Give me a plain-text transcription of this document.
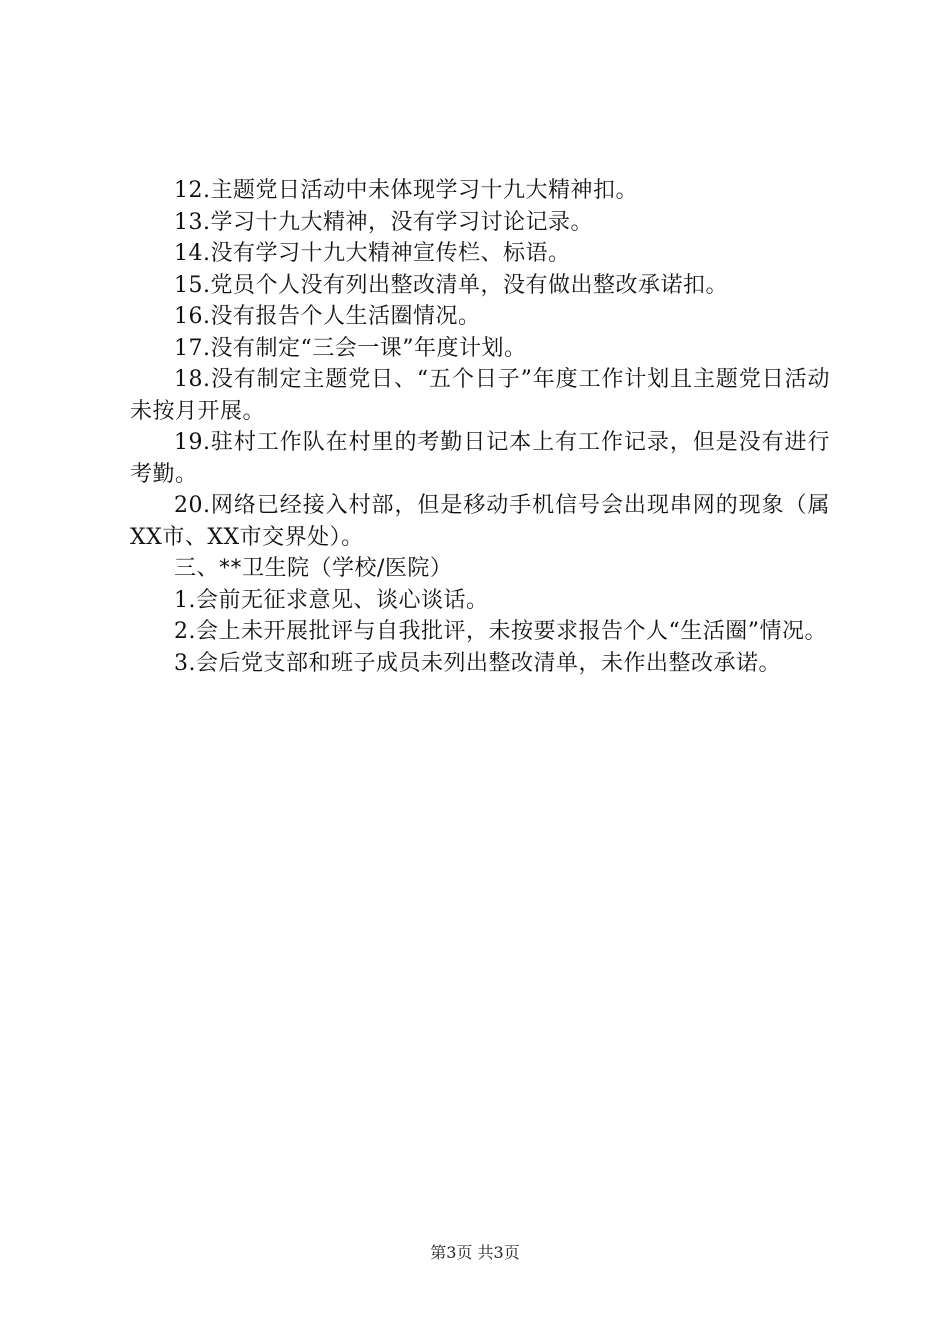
12.主题党日活动中未体现学习十九大精神扣。

13.学习十九大精神，没有学习讨论记录。

14.没有学习十九大精神宣传栏、标语。

15.党员个人没有列出整改清单，没有做出整改承诺扣。

16.没有报告个人生活圈情况。

17.没有制定“三会一课”年度计划。

18.没有制定主题党日、“五个日子”年度工作计划且主题党日活动未按月开展。

19.驻村工作队在村里的考勤日记本上有工作记录，但是没有进行考勤。

20.网络已经接入村部，但是移动手机信号会出现串网的现象（属XX市、XX市交界处）。

三、**卫生院（学校/医院）

1.会前无征求意见、谈心谈话。

2.会上未开展批评与自我批评，未按要求报告个人“生活圈”情况。

3.会后党支部和班子成员未列出整改清单，未作出整改承诺。

第3页 共3页
